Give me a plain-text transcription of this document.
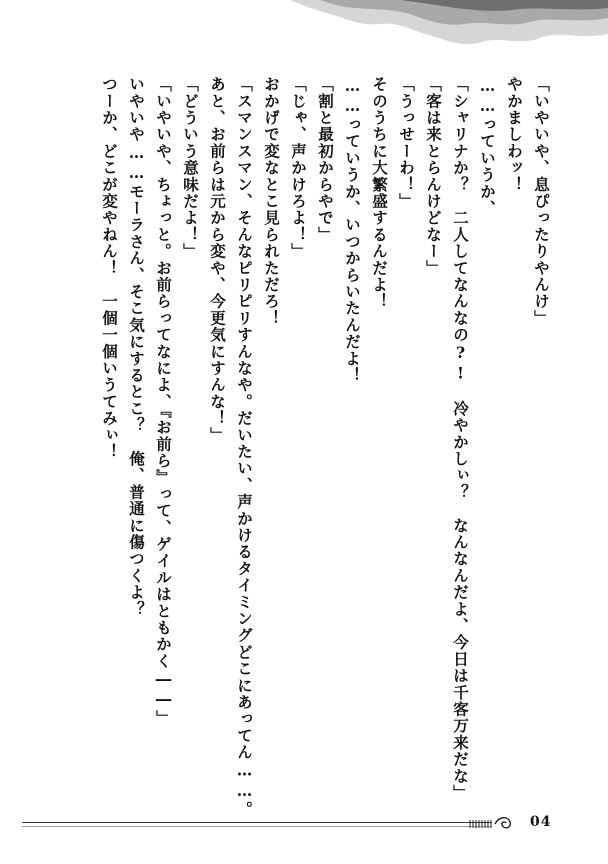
「いやいや、息ぴったりやんけ」
やかましわッ！
……っていうか、
「シャリナか？　二人してなんなの?!　冷やかしぃ？　なんなんだよ、今日は千客万来だな」
「客は来とらんけどなー」
「うっせーわ！」
そのうちに大繁盛するんだよ！
……っていうか、いつからいたんだよ！
「割と最初からやで」
「じゃ、声かけろよ！」
おかげで変なとこ見られただろ！
「スマンスマン、そんなピリピリすんなや。だいたい、声かけるタイミングどこにあってん……。
あと、お前らは元から変や、今更気にすんな！」
「どういう意味だよ！」
「いやいや、ちょっと。お前らってなによ、『お前ら』って、ゲイルはともかく――」
いやいや……モーラさん、そこ気にするとこ？　俺、普通に傷つくよ？
つーか、どこが変やねん！　一個一個いうてみぃ！
04
